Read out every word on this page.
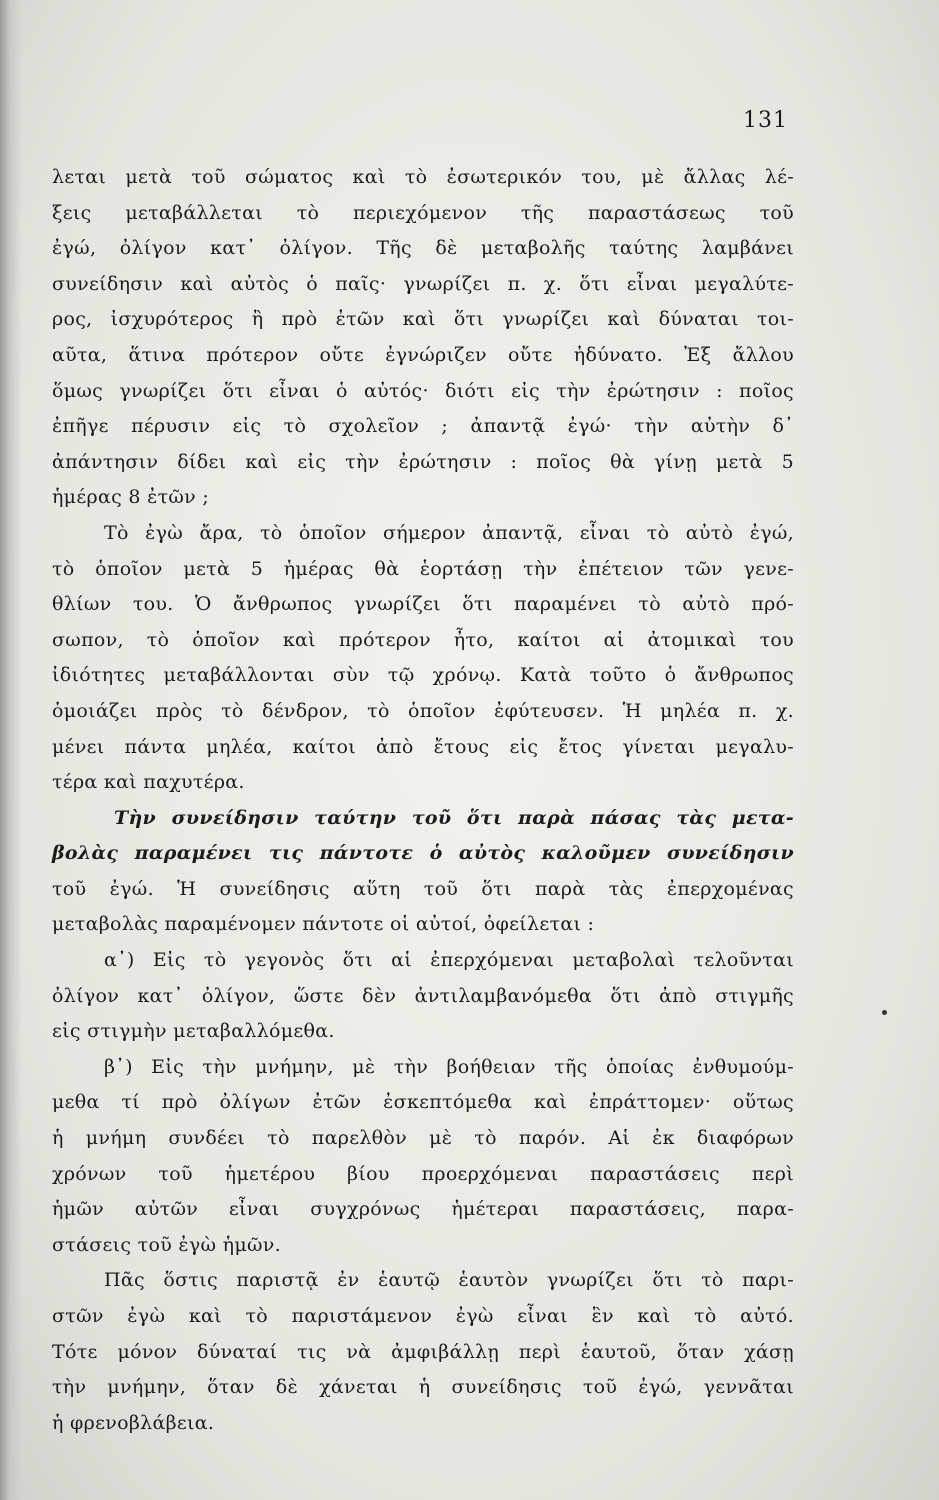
131
λεται μετὰ τοῦ σώματος καὶ τὸ ἐσωτερικόν του, μὲ ἄλλας λέ-
ξεις μεταβάλλεται τὸ περιεχόμενον τῆς παραστάσεως τοῦ
ἐγώ, ὀλίγον κατ᾿ ὀλίγον. Τῆς δὲ μεταβολῆς ταύτης λαμβάνει
συνείδησιν καὶ αὐτὸς ὁ παῖς· γνωρίζει π. χ. ὅτι εἶναι μεγαλύτε-
ρος, ἰσχυρότερος ἢ πρὸ ἐτῶν καὶ ὅτι γνωρίζει καὶ δύναται τοι-
αῦτα, ἅτινα πρότερον οὔτε ἐγνώριζεν οὔτε ἠδύνατο. Ἐξ ἄλλου
ὅμως γνωρίζει ὅτι εἶναι ὁ αὐτός· διότι εἰς τὴν ἐρώτησιν : ποῖος
ἐπῆγε πέρυσιν εἰς τὸ σχολεῖον ; ἀπαντᾷ ἐγώ· τὴν αὐτὴν δ᾿
ἀπάντησιν δίδει καὶ εἰς τὴν ἐρώτησιν : ποῖος θὰ γίνῃ μετὰ 5
ἡμέρας 8 ἐτῶν ;
Τὸ ἐγὼ ἄρα, τὸ ὁποῖον σήμερον ἀπαντᾷ, εἶναι τὸ αὐτὸ ἐγώ,
τὸ ὁποῖον μετὰ 5 ἡμέρας θὰ ἑορτάσῃ τὴν ἐπέτειον τῶν γενε-
θλίων του. Ὁ ἄνθρωπος γνωρίζει ὅτι παραμένει τὸ αὐτὸ πρό-
σωπον, τὸ ὁποῖον καὶ πρότερον ἦτο, καίτοι αἱ ἀτομικαὶ του
ἰδιότητες μεταβάλλονται σὺν τῷ χρόνῳ. Κατὰ τοῦτο ὁ ἄνθρωπος
ὁμοιάζει πρὸς τὸ δένδρον, τὸ ὁποῖον ἐφύτευσεν. Ἡ μηλέα π. χ.
μένει πάντα μηλέα, καίτοι ἀπὸ ἔτους εἰς ἔτος γίνεται μεγαλυ-
τέρα καὶ παχυτέρα.
Τὴν συνείδησιν ταύτην τοῦ ὅτι παρὰ πάσας τὰς μετα-
βολὰς παραμένει τις πάντοτε ὁ αὐτὸς καλοῦμεν συνείδησιν
τοῦ ἐγώ. Ἡ συνείδησις αὕτη τοῦ ὅτι παρὰ τὰς ἐπερχομένας
μεταβολὰς παραμένομεν πάντοτε οἱ αὐτοί, ὀφείλεται :
α᾿) Εἰς τὸ γεγονὸς ὅτι αἱ ἐπερχόμεναι μεταβολαὶ τελοῦνται
ὀλίγον κατ᾿ ὀλίγον, ὥστε δὲν ἀντιλαμβανόμεθα ὅτι ἀπὸ στιγμῆς
εἰς στιγμὴν μεταβαλλόμεθα.
β᾿) Εἰς τὴν μνήμην, μὲ τὴν βοήθειαν τῆς ὁποίας ἐνθυμούμ-
μεθα τί πρὸ ὀλίγων ἐτῶν ἐσκεπτόμεθα καὶ ἐπράττομεν· οὕτως
ἡ μνήμη συνδέει τὸ παρελθὸν μὲ τὸ παρόν. Αἱ ἐκ διαφόρων
χρόνων τοῦ ἡμετέρου βίου προερχόμεναι παραστάσεις περὶ
ἡμῶν αὐτῶν εἶναι συγχρόνως ἡμέτεραι παραστάσεις, παρα-
στάσεις τοῦ ἐγὼ ἡμῶν.
Πᾶς ὅστις παριστᾷ ἐν ἑαυτῷ ἑαυτὸν γνωρίζει ὅτι τὸ παρι-
στῶν ἐγὼ καὶ τὸ παριστάμενον ἐγὼ εἶναι ἓν καὶ τὸ αὐτό.
Τότε μόνον δύναταί τις νὰ ἀμφιβάλλῃ περὶ ἑαυτοῦ, ὅταν χάσῃ
τὴν μνήμην, ὅταν δὲ χάνεται ἡ συνείδησις τοῦ ἐγώ, γεννᾶται
ἡ φρενοβλάβεια.
